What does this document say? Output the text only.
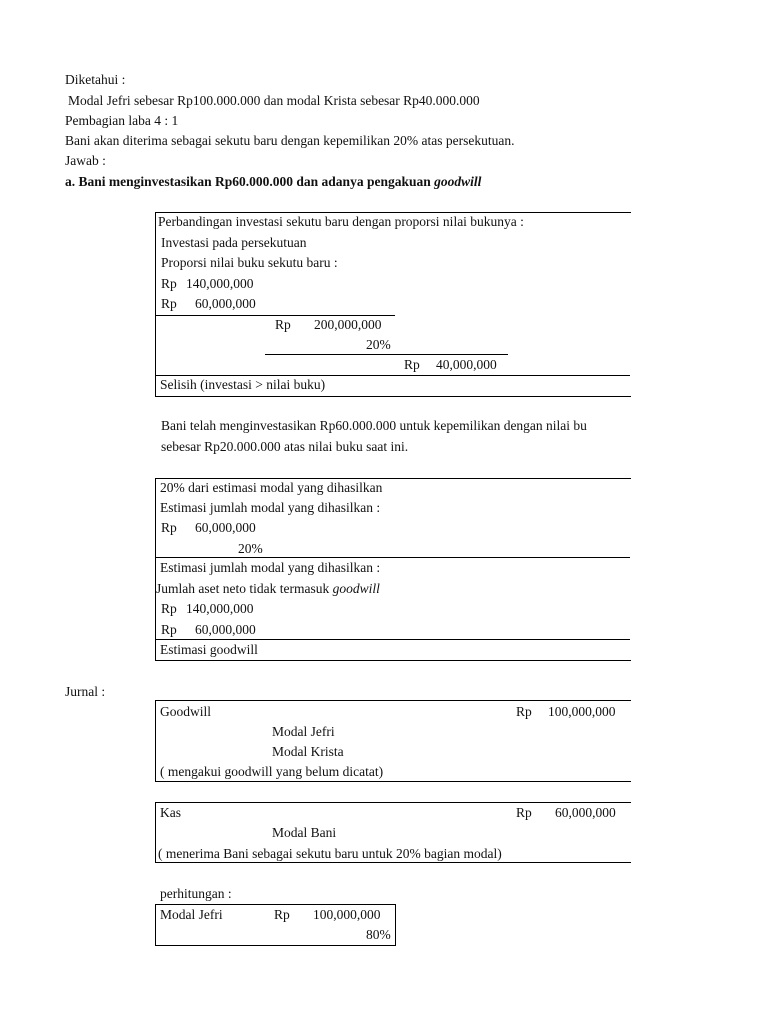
Diketahui :
Modal Jefri sebesar Rp100.000.000 dan modal Krista sebesar Rp40.000.000
Pembagian laba 4 : 1
Bani akan diterima sebagai sekutu baru dengan kepemilikan 20% atas persekutuan.
Jawab :
a. Bani menginvestasikan Rp60.000.000 dan adanya pengakuan goodwill
Perbandingan investasi sekutu baru dengan proporsi nilai bukunya :
Investasi pada persekutuan
Proporsi nilai buku sekutu baru :
Rp 140,000,000
Rp 60,000,000
Rp 200,000,000
20%
Rp 40,000,000
Selisih (investasi > nilai buku)
Bani telah menginvestasikan Rp60.000.000 untuk kepemilikan dengan nilai bu
sebesar Rp20.000.000 atas nilai buku saat ini.
20% dari estimasi modal yang dihasilkan
Estimasi jumlah modal yang dihasilkan :
Rp 60,000,000
20%
Estimasi jumlah modal yang dihasilkan :
Jumlah aset neto tidak termasuk goodwill
Rp 140,000,000
Rp 60,000,000
Estimasi goodwill
Jurnal :
Goodwill	Rp 100,000,000
Modal Jefri
Modal Krista
( mengakui goodwill yang belum dicatat)
Kas	Rp 60,000,000
Modal Bani
( menerima Bani sebagai sekutu baru untuk 20% bagian modal)
perhitungan :
Modal Jefri	Rp 100,000,000
80%
